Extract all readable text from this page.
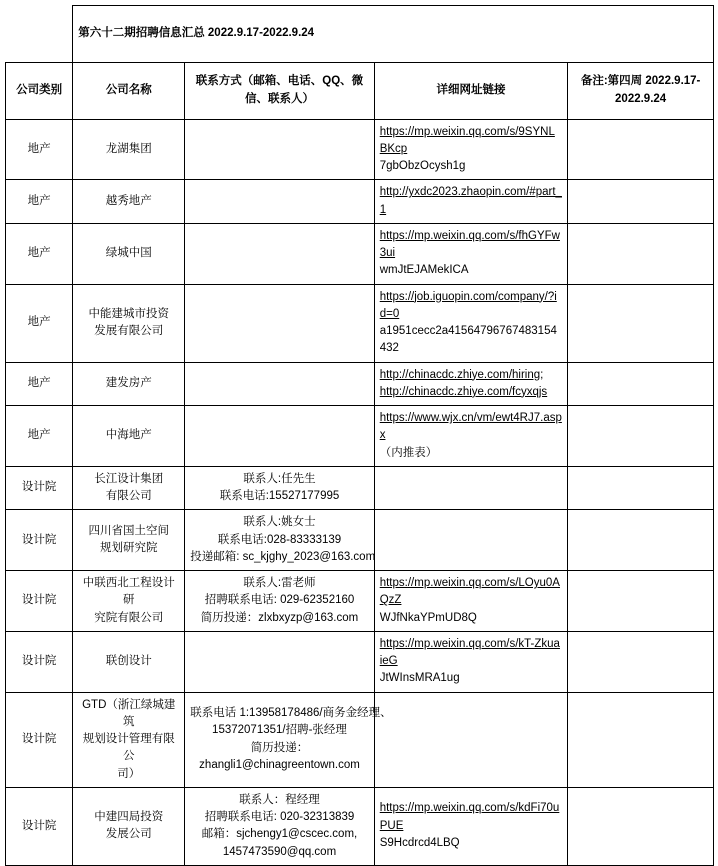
	第六十二期招聘信息汇总 2022.9.17-2022.9.24			
公司类别	公司名称	联系方式（邮箱、电话、QQ、微信、联系人）	详细网址链接	备注:第四周 2022.9.17-2022.9.24
地产	龙湖集团		https://mp.weixin.qq.com/s/9SYNLBKcp
7gbObzOcysh1g	

地产	越秀地产		http://yxdc2023.zhaopin.com/#part_1	

地产	绿城中国		https://mp.weixin.qq.com/s/fhGYFw3ui
wmJtEJAMekICA	

地产	中能建城市投资
发展有限公司		https://job.iguopin.com/company/?id=0
a1951cecc2a41564796767483154432	

地产	建发房产		http://chinacdc.zhiye.com/hiring;
http://chinacdc.zhiye.com/fcyxqjs	

地产	中海地产		https://www.wjx.cn/vm/ewt4RJ7.aspx
（内推表）	

设计院	长江设计集团
有限公司	联系人:任先生
联系电话:15527177995		

设计院	四川省国土空间
规划研究院	联系人:姚女士
联系电话:028-83333139
投递邮箱: sc_kjghy_2023@163.com		

设计院	中联西北工程设计研
究院有限公司	联系人:雷老师
招聘联系电话: 029-62352160
简历投递：zlxbxyzp@163.com	https://mp.weixin.qq.com/s/LOyu0AQzZ
WJfNkaYPmUD8Q	

设计院	联创设计		https://mp.weixin.qq.com/s/kT-ZkuaieG
JtWInsMRA1ug	

设计院	GTD（浙江绿城建筑
规划设计管理有限公
司）	联系电话 1:13958178486/商务金经理、
15372071351/招聘-张经理
简历投递：
zhangli1@chinagreentown.com		

设计院	中建四局投资
发展公司	联系人：程经理
招聘联系电话: 020-32313839
邮箱：sjchengy1@cscec.com,
1457473590@qq.com	https://mp.weixin.qq.com/s/kdFi70uPUE
S9Hcdrcd4LBQ	
